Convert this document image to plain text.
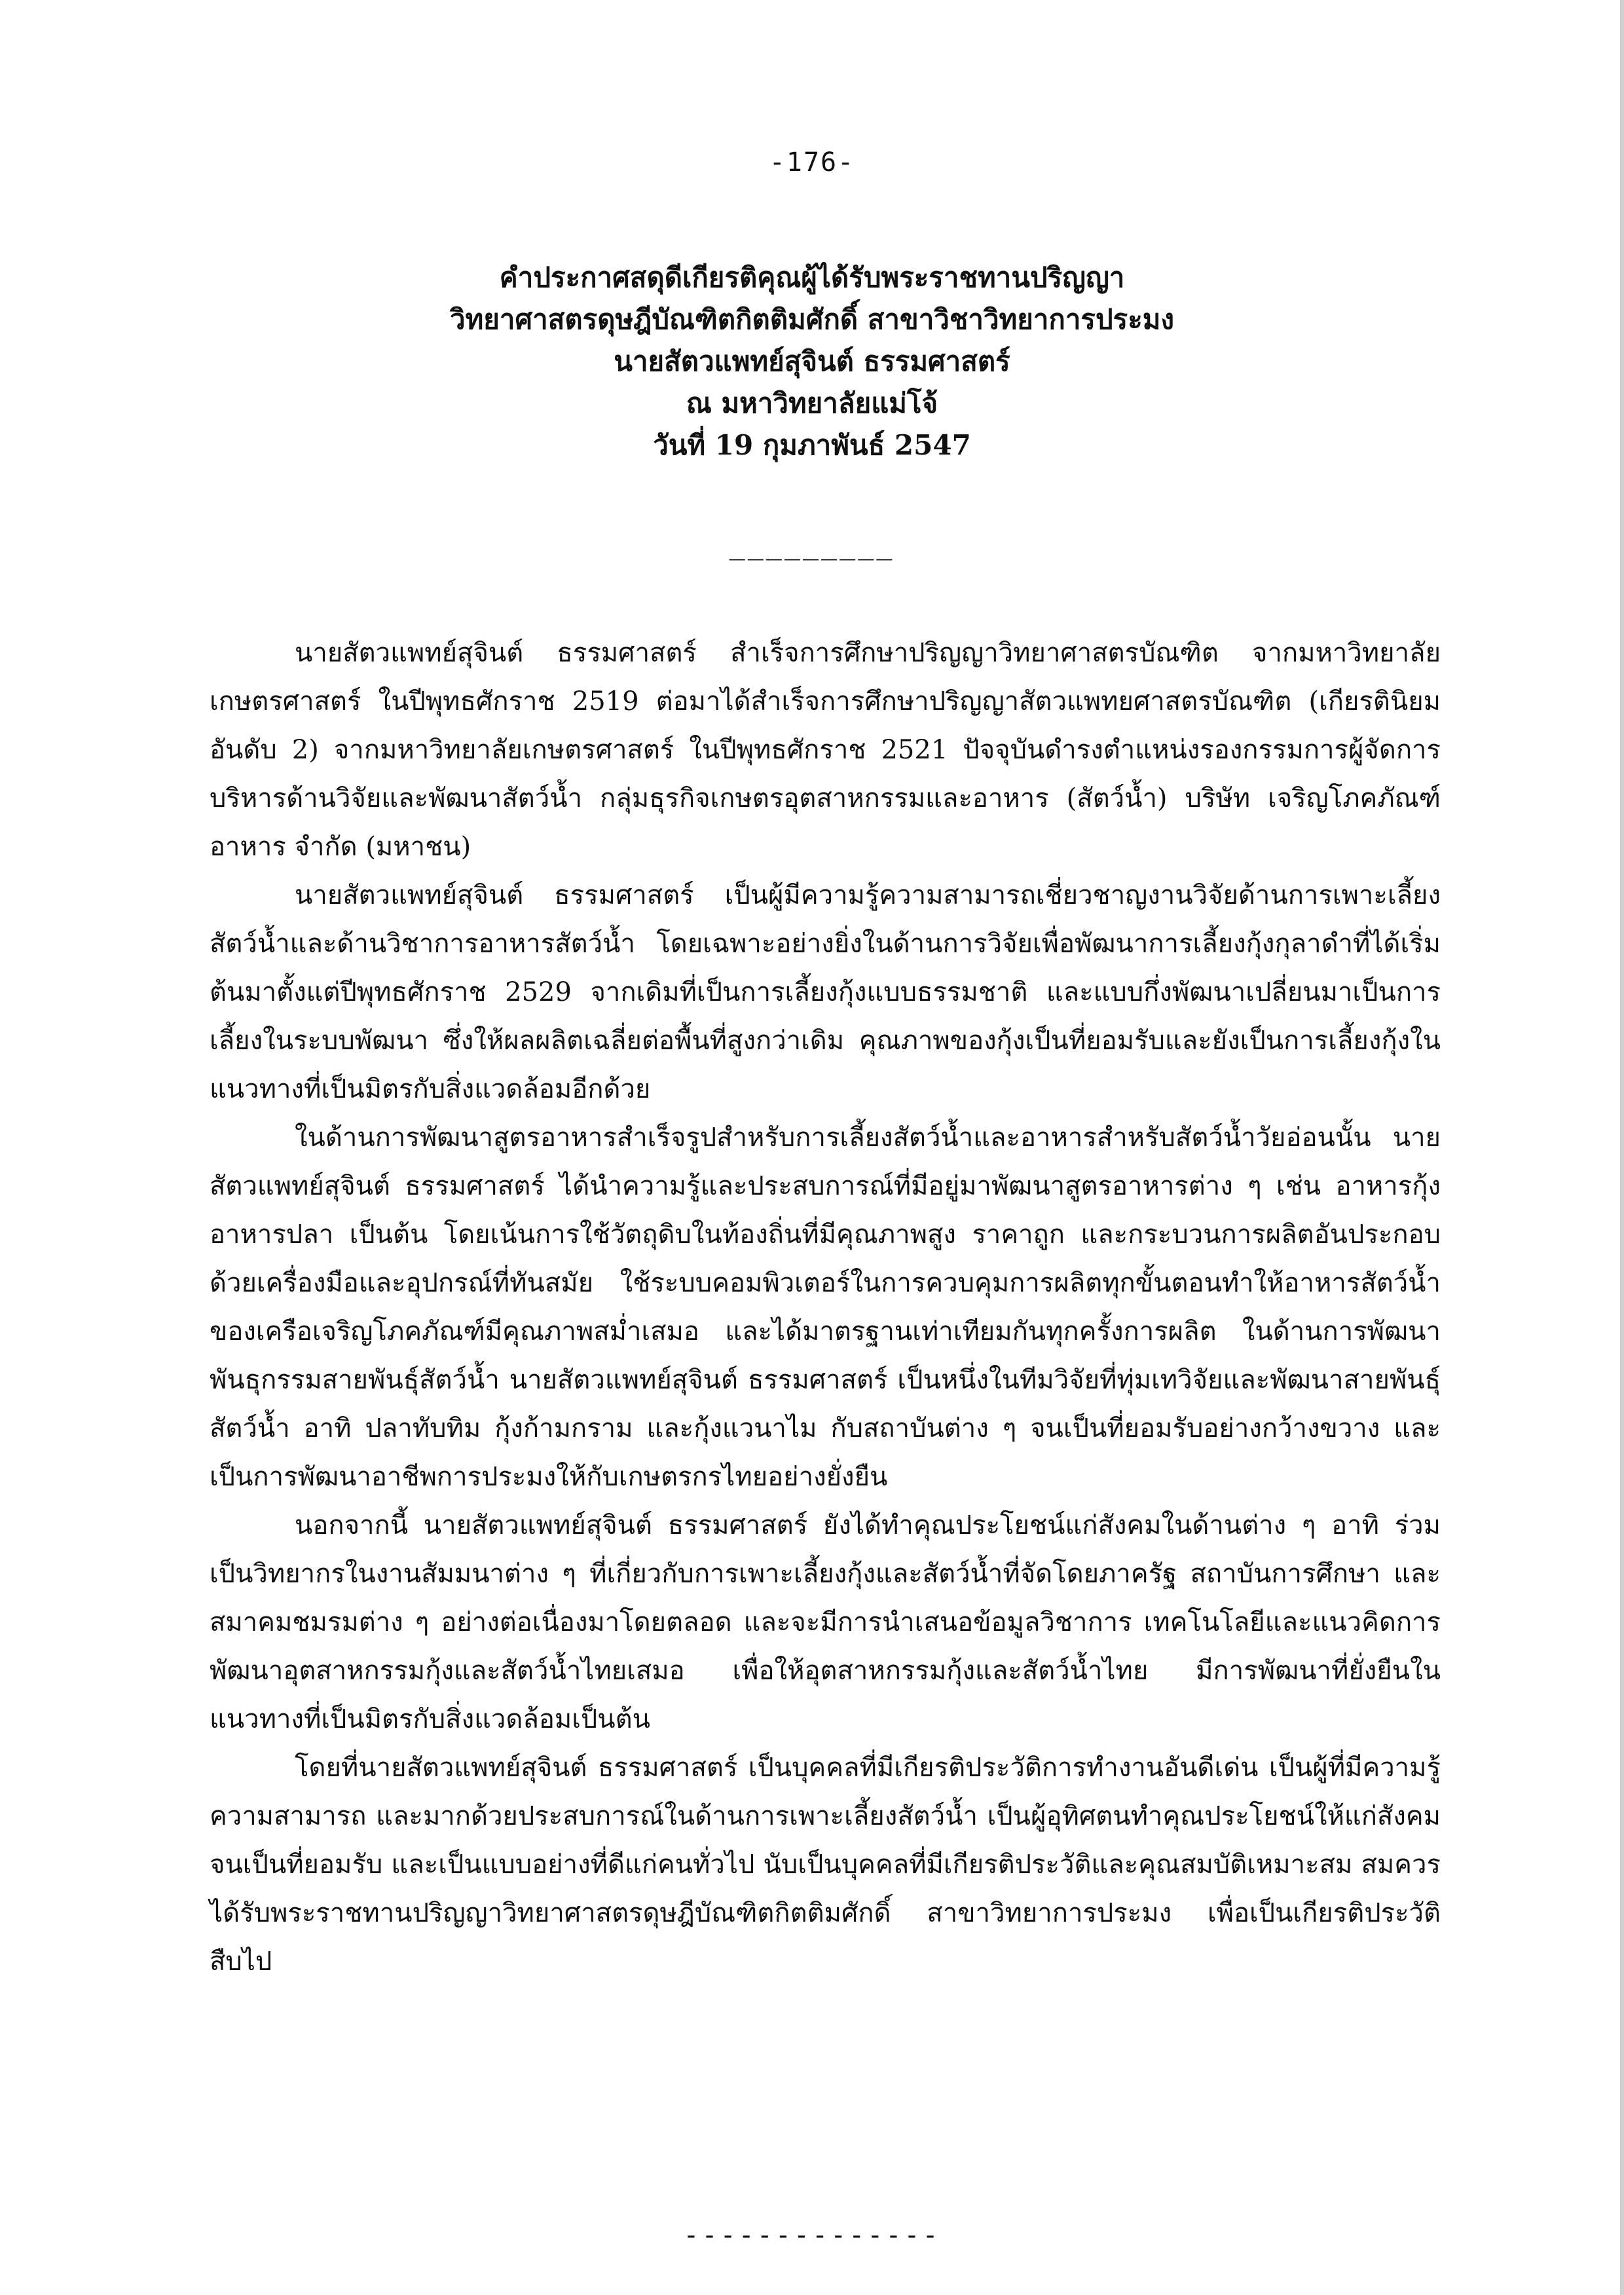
-176-
คำประกาศสดุดีเกียรติคุณผู้ได้รับพระราชทานปริญญา
วิทยาศาสตรดุษฎีบัณฑิตกิตติมศักดิ์ สาขาวิชาวิทยาการประมง
นายสัตวแพทย์สุจินต์ ธรรมศาสตร์
ณ มหาวิทยาลัยแม่โจ้
วันที่ 19 กุมภาพันธ์ 2547
_________

นายสัตวแพทย์สุจินต์ ธรรมศาสตร์ สำเร็จการศึกษาปริญญาวิทยาศาสตรบัณฑิต จากมหาวิทยาลัยเกษตรศาสตร์ ในปีพุทธศักราช 2519 ต่อมาได้สำเร็จการศึกษาปริญญาสัตวแพทยศาสตรบัณฑิต (เกียรตินิยมอันดับ 2) จากมหาวิทยาลัยเกษตรศาสตร์ ในปีพุทธศักราช 2521 ปัจจุบันดำรงตำแหน่งรองกรรมการผู้จัดการบริหารด้านวิจัยและพัฒนาสัตว์น้ำ กลุ่มธุรกิจเกษตรอุตสาหกรรมและอาหาร (สัตว์น้ำ) บริษัท เจริญโภคภัณฑ์อาหาร จำกัด (มหาชน)

นายสัตวแพทย์สุจินต์ ธรรมศาสตร์ เป็นผู้มีความรู้ความสามารถเชี่ยวชาญงานวิจัยด้านการเพาะเลี้ยงสัตว์น้ำและด้านวิชาการอาหารสัตว์น้ำ โดยเฉพาะอย่างยิ่งในด้านการวิจัยเพื่อพัฒนาการเลี้ยงกุ้งกุลาดำที่ได้เริ่มต้นมาตั้งแต่ปีพุทธศักราช 2529 จากเดิมที่เป็นการเลี้ยงกุ้งแบบธรรมชาติ และแบบกึ่งพัฒนาเปลี่ยนมาเป็นการเลี้ยงในระบบพัฒนา ซึ่งให้ผลผลิตเฉลี่ยต่อพื้นที่สูงกว่าเดิม คุณภาพของกุ้งเป็นที่ยอมรับและยังเป็นการเลี้ยงกุ้งในแนวทางที่เป็นมิตรกับสิ่งแวดล้อมอีกด้วย

ในด้านการพัฒนาสูตรอาหารสำเร็จรูปสำหรับการเลี้ยงสัตว์น้ำและอาหารสำหรับสัตว์น้ำวัยอ่อนนั้น นายสัตวแพทย์สุจินต์ ธรรมศาสตร์ ได้นำความรู้และประสบการณ์ที่มีอยู่มาพัฒนาสูตรอาหารต่าง ๆ เช่น อาหารกุ้ง อาหารปลา เป็นต้น โดยเน้นการใช้วัตถุดิบในท้องถิ่นที่มีคุณภาพสูง ราคาถูก และกระบวนการผลิตอันประกอบด้วยเครื่องมือและอุปกรณ์ที่ทันสมัย ใช้ระบบคอมพิวเตอร์ในการควบคุมการผลิตทุกขั้นตอนทำให้อาหารสัตว์น้ำของเครือเจริญโภคภัณฑ์มีคุณภาพสม่ำเสมอ และได้มาตรฐานเท่าเทียมกันทุกครั้งการผลิต ในด้านการพัฒนาพันธุกรรมสายพันธุ์สัตว์น้ำ นายสัตวแพทย์สุจินต์ ธรรมศาสตร์ เป็นหนึ่งในทีมวิจัยที่ทุ่มเทวิจัยและพัฒนาสายพันธุ์สัตว์น้ำ อาทิ ปลาทับทิม กุ้งก้ามกราม และกุ้งแวนาไม กับสถาบันต่าง ๆ จนเป็นที่ยอมรับอย่างกว้างขวาง และเป็นการพัฒนาอาชีพการประมงให้กับเกษตรกรไทยอย่างยั่งยืน

นอกจากนี้ นายสัตวแพทย์สุจินต์ ธรรมศาสตร์ ยังได้ทำคุณประโยชน์แก่สังคมในด้านต่าง ๆ อาทิ ร่วมเป็นวิทยากรในงานสัมมนาต่าง ๆ ที่เกี่ยวกับการเพาะเลี้ยงกุ้งและสัตว์น้ำที่จัดโดยภาครัฐ สถาบันการศึกษา และสมาคมชมรมต่าง ๆ อย่างต่อเนื่องมาโดยตลอด และจะมีการนำเสนอข้อมูลวิชาการ เทคโนโลยีและแนวคิดการพัฒนาอุตสาหกรรมกุ้งและสัตว์น้ำไทยเสมอ เพื่อให้อุตสาหกรรมกุ้งและสัตว์น้ำไทย มีการพัฒนาที่ยั่งยืนในแนวทางที่เป็นมิตรกับสิ่งแวดล้อมเป็นต้น

โดยที่นายสัตวแพทย์สุจินต์ ธรรมศาสตร์ เป็นบุคคลที่มีเกียรติประวัติการทำงานอันดีเด่น เป็นผู้ที่มีความรู้ความสามารถ และมากด้วยประสบการณ์ในด้านการเพาะเลี้ยงสัตว์น้ำ เป็นผู้อุทิศตนทำคุณประโยชน์ให้แก่สังคมจนเป็นที่ยอมรับ และเป็นแบบอย่างที่ดีแก่คนทั่วไป นับเป็นบุคคลที่มีเกียรติประวัติและคุณสมบัติเหมาะสม สมควรได้รับพระราชทานปริญญาวิทยาศาสตรดุษฎีบัณฑิตกิตติมศักดิ์ สาขาวิทยาการประมง เพื่อเป็นเกียรติประวัติสืบไป

--------------
